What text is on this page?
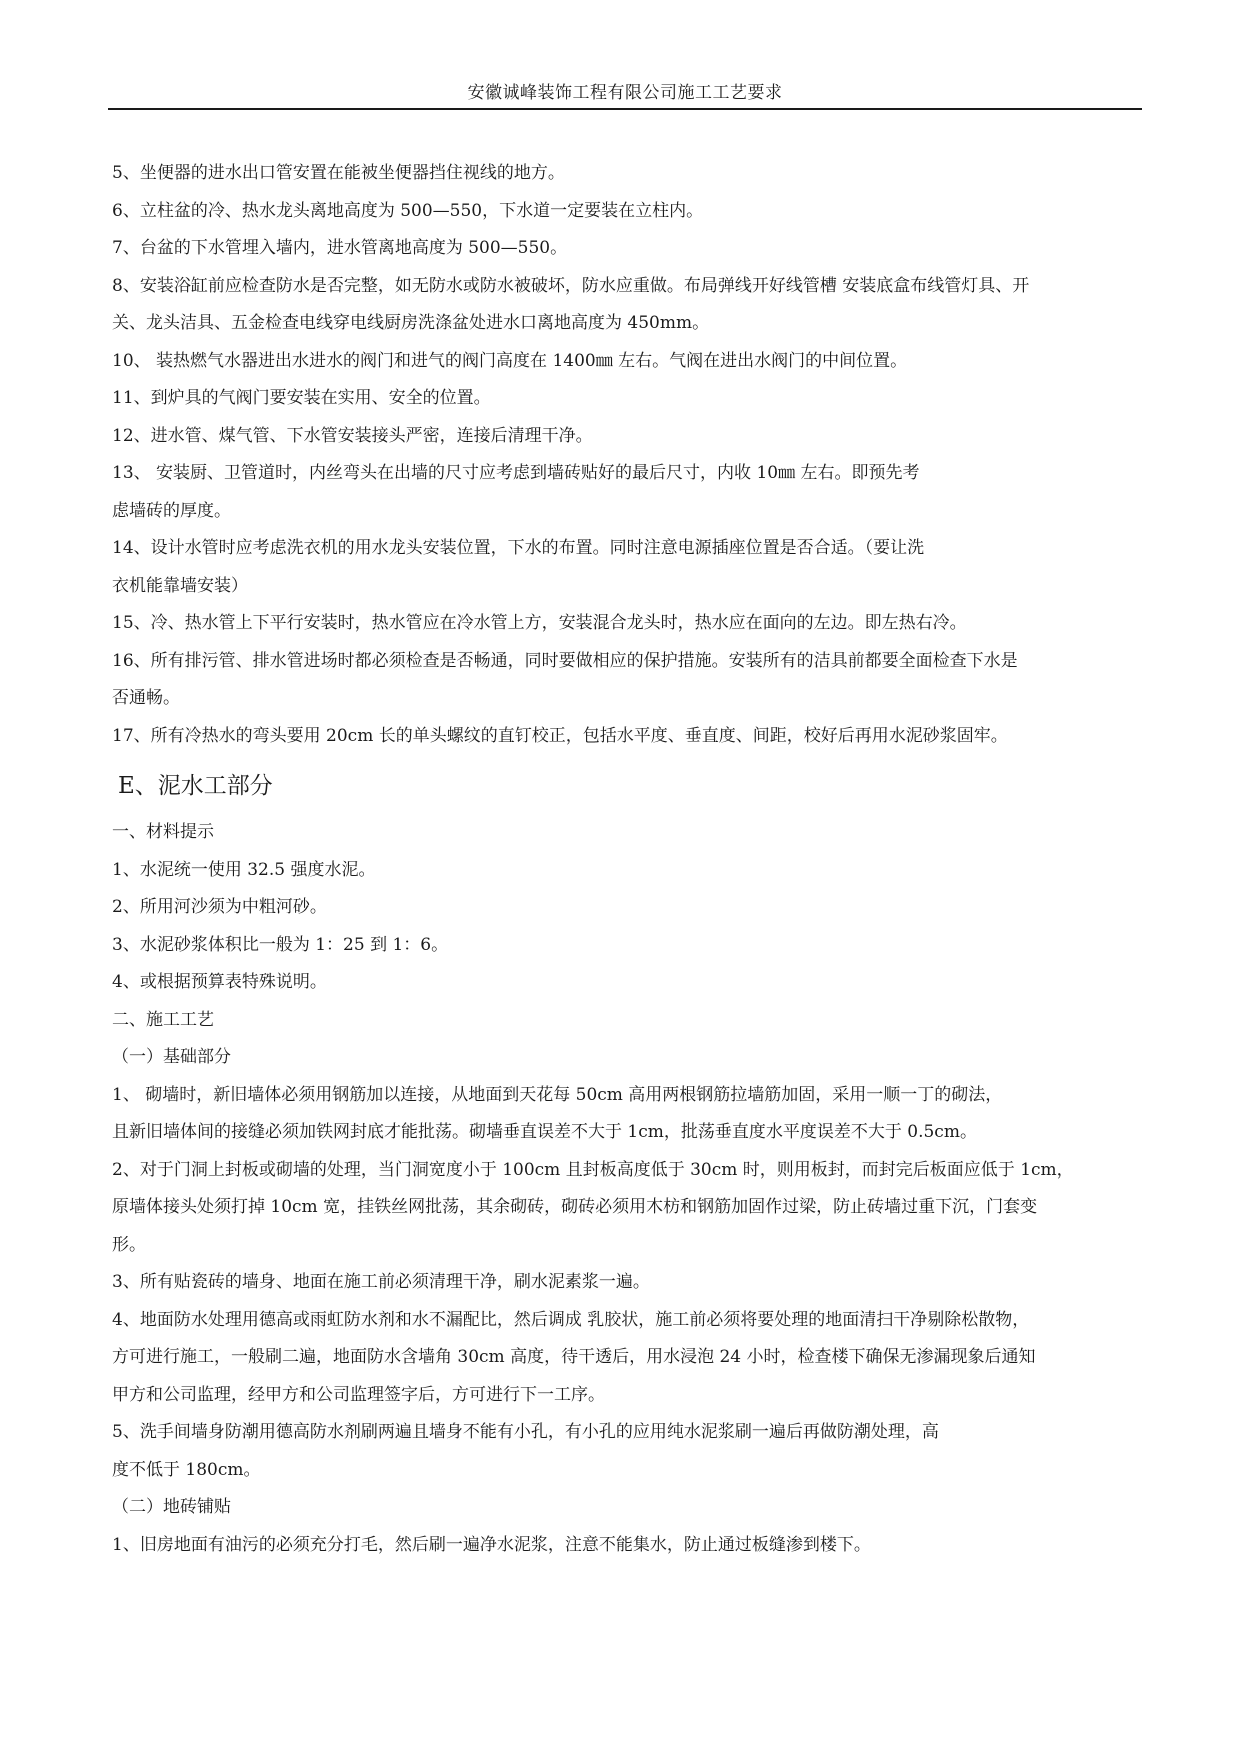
安徽诚峰装饰工程有限公司施工工艺要求
5、坐便器的进水出口管安置在能被坐便器挡住视线的地方。
6、立柱盆的冷、热水龙头离地高度为 500—550，下水道一定要装在立柱内。
7、台盆的下水管埋入墙内，进水管离地高度为 500—550。
8、安装浴缸前应检查防水是否完整，如无防水或防水被破坏，防水应重做。布局弹线开好线管槽 安装底盒布线管灯具、开
关、龙头洁具、五金检查电线穿电线厨房洗涤盆处进水口离地高度为 450mm。
10、 装热燃气水器进出水进水的阀门和进气的阀门高度在 1400㎜ 左右。气阀在进出水阀门的中间位置。
11、到炉具的气阀门要安装在实用、安全的位置。
12、进水管、煤气管、下水管安装接头严密，连接后清理干净。
13、 安装厨、卫管道时，内丝弯头在出墙的尺寸应考虑到墙砖贴好的最后尺寸，内收 10㎜ 左右。即预先考
虑墙砖的厚度。
14、设计水管时应考虑洗衣机的用水龙头安装位置，下水的布置。同时注意电源插座位置是否合适。（要让洗
衣机能靠墙安装）
15、冷、热水管上下平行安装时，热水管应在冷水管上方，安装混合龙头时，热水应在面向的左边。即左热右冷。
16、所有排污管、排水管进场时都必须检查是否畅通，同时要做相应的保护措施。安装所有的洁具前都要全面检查下水是
否通畅。
17、所有冷热水的弯头要用 20cm 长的单头螺纹的直钉校正，包括水平度、垂直度、间距，校好后再用水泥砂浆固牢。
E、泥水工部分
一、材料提示
1、水泥统一使用 32.5 强度水泥。
2、所用河沙须为中粗河砂。
3、水泥砂浆体积比一般为 1：25 到 1：6。
4、或根据预算表特殊说明。
二、施工工艺
（一）基础部分
1、 砌墙时，新旧墙体必须用钢筋加以连接，从地面到天花每 50cm 高用两根钢筋拉墙筋加固，采用一顺一丁的砌法，
且新旧墙体间的接缝必须加铁网封底才能批荡。砌墙垂直误差不大于 1cm，批荡垂直度水平度误差不大于 0.5cm。
2、对于门洞上封板或砌墙的处理，当门洞宽度小于 100cm 且封板高度低于 30cm 时，则用板封，而封完后板面应低于 1cm，
原墙体接头处须打掉 10cm 宽，挂铁丝网批荡，其余砌砖，砌砖必须用木枋和钢筋加固作过梁，防止砖墙过重下沉，门套变
形。
3、所有贴瓷砖的墙身、地面在施工前必须清理干净，刷水泥素浆一遍。
4、地面防水处理用德高或雨虹防水剂和水不漏配比，然后调成 乳胶状，施工前必须将要处理的地面清扫干净剔除松散物，
方可进行施工，一般刷二遍，地面防水含墙角 30cm 高度，待干透后，用水浸泡 24 小时，检查楼下确保无渗漏现象后通知
甲方和公司监理，经甲方和公司监理签字后，方可进行下一工序。
5、洗手间墙身防潮用德高防水剂刷两遍且墙身不能有小孔，有小孔的应用纯水泥浆刷一遍后再做防潮处理，高
度不低于 180cm。
（二）地砖铺贴
1、旧房地面有油污的必须充分打毛，然后刷一遍净水泥浆，注意不能集水，防止通过板缝渗到楼下。
